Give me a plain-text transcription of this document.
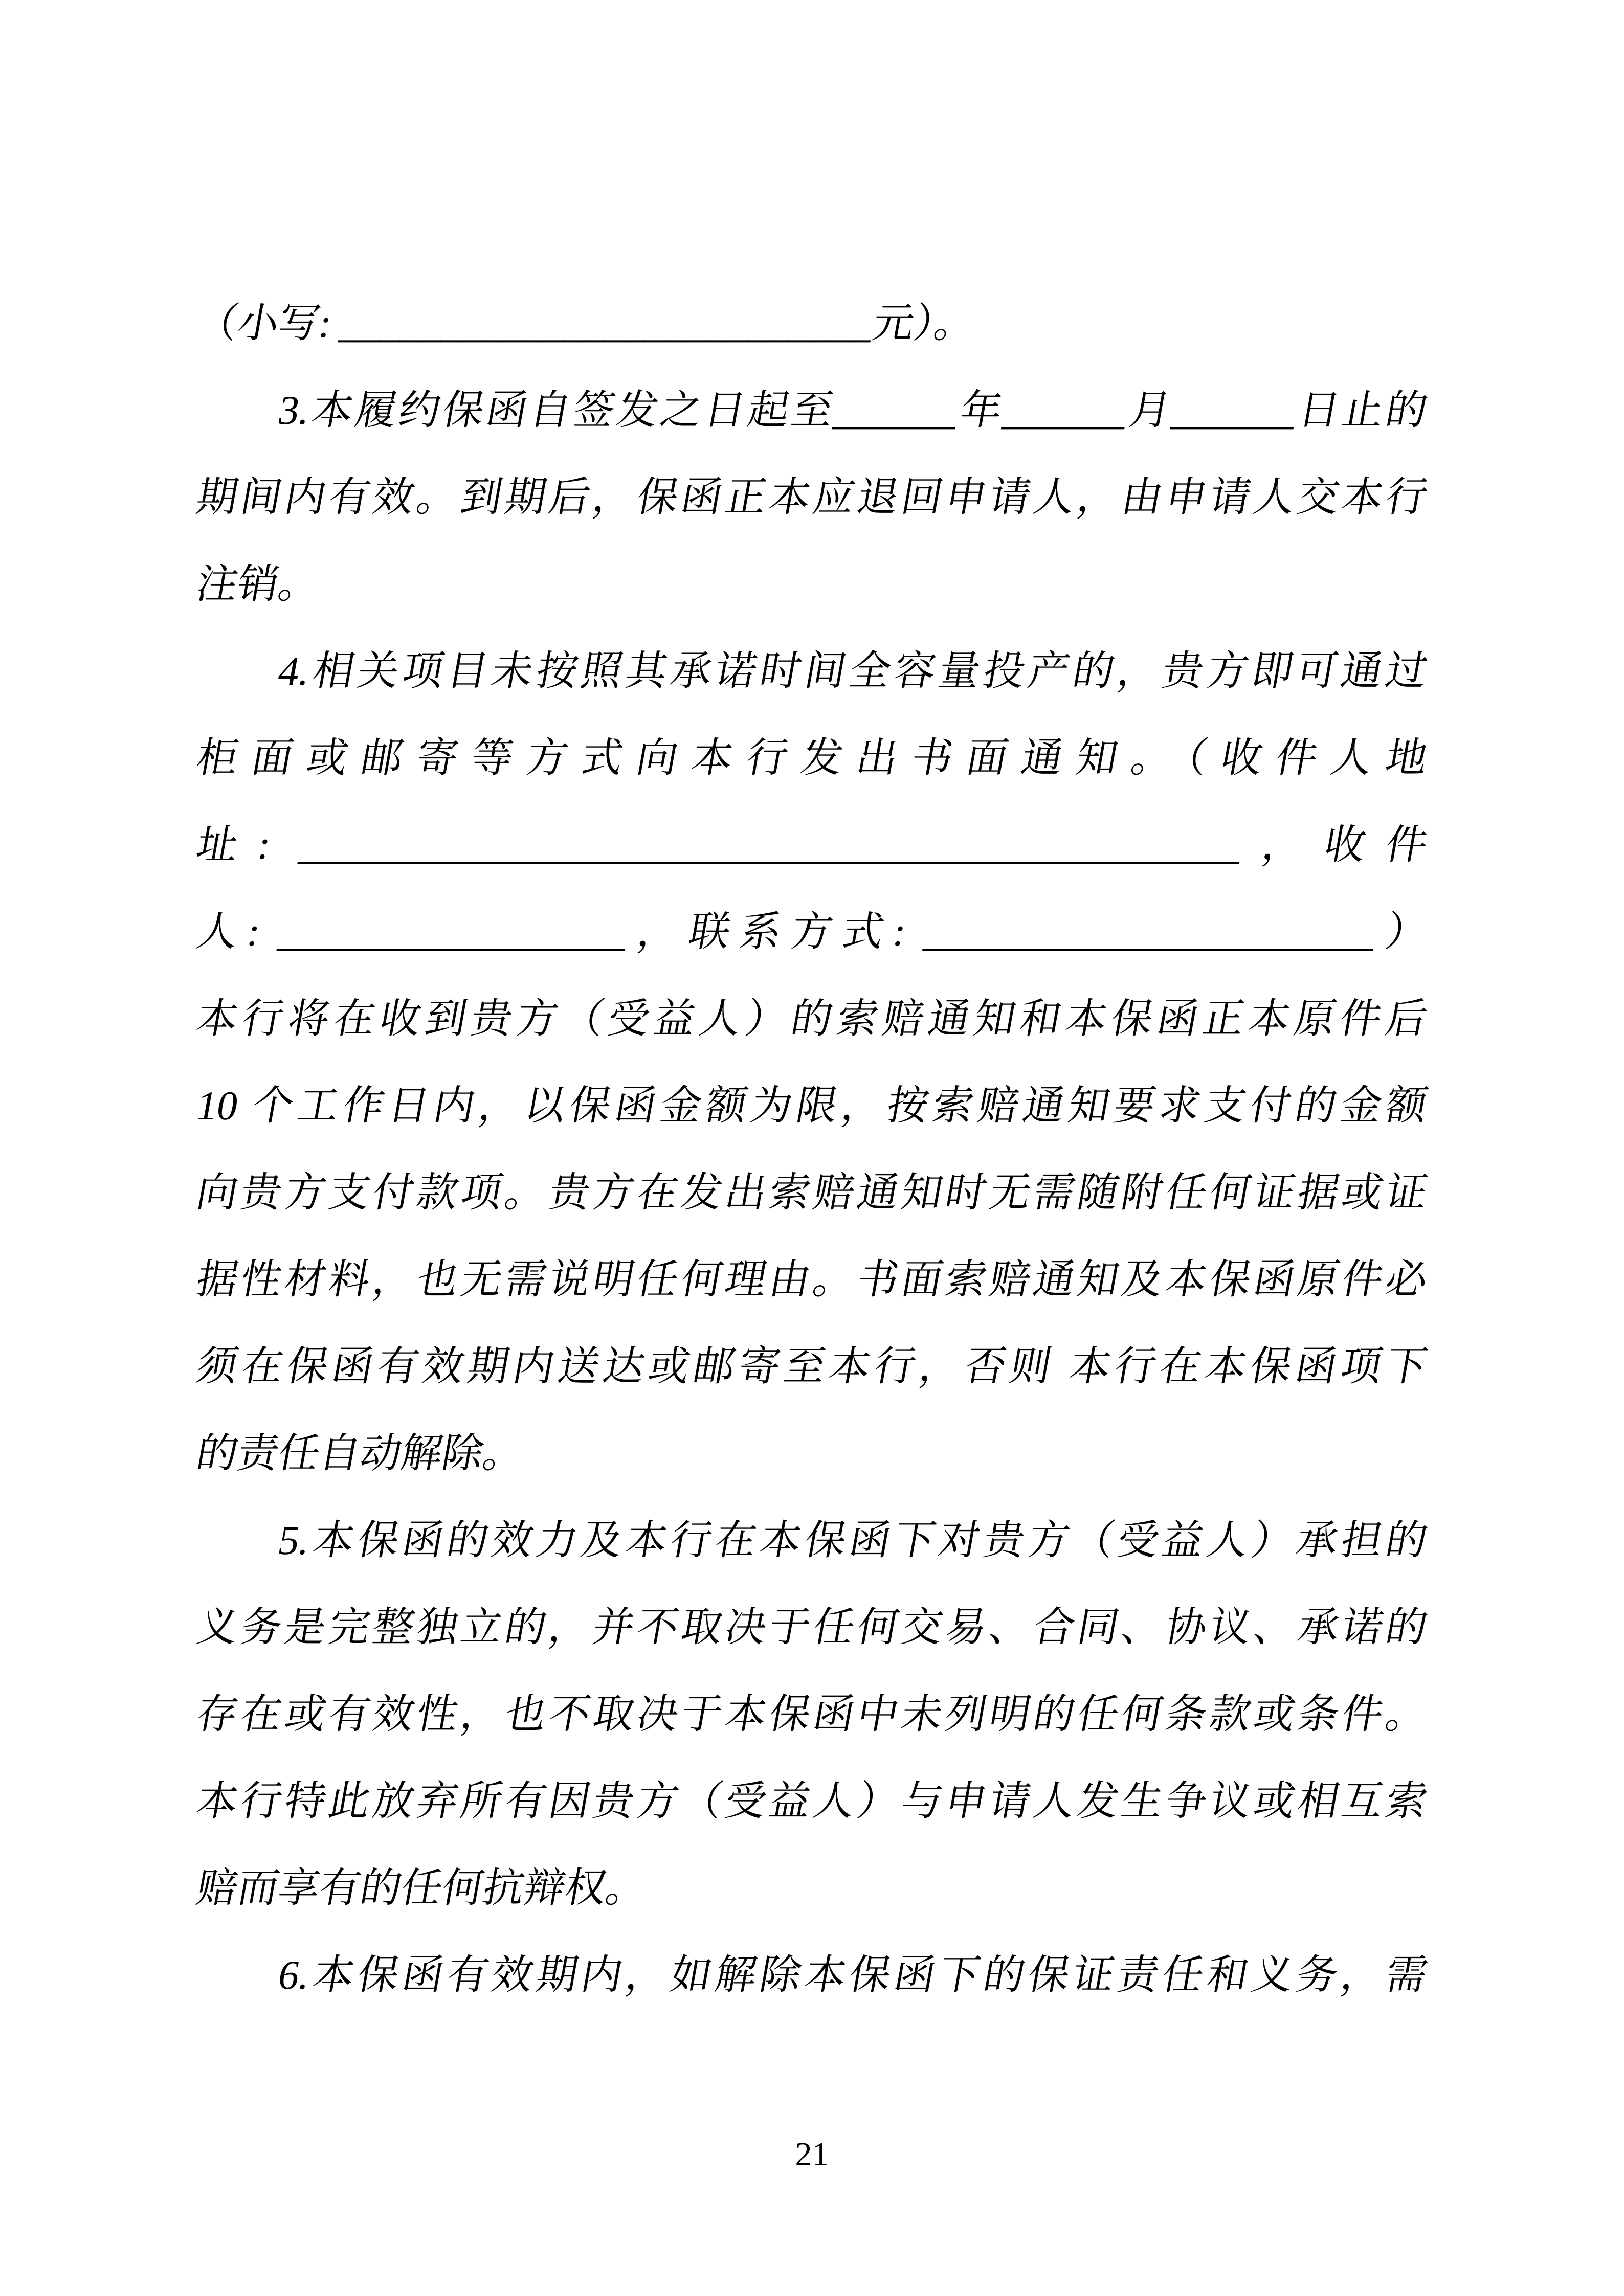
（小写: __________________________元）。
3.本履约保函自签发之日起至______年______月______日止的
期间内有效。到期后，保函正本应退回申请人，由申请人交本行
注销。
4.相关项目未按照其承诺时间全容量投产的，贵方即可通过
柜面或邮寄等方式向本行发出书面通知。（收件人地
址: ______________________________________________，收件
人: _________________，联系方式: ______________________）
本行将在收到贵方（受益人）的索赔通知和本保函正本原件后
10 个工作日内，以保函金额为限，按索赔通知要求支付的金额
向贵方支付款项。贵方在发出索赔通知时无需随附任何证据或证
据性材料，也无需说明任何理由。书面索赔通知及本保函原件必
须在保函有效期内送达或邮寄至本行，否则 本行在本保函项下
的责任自动解除。
5.本保函的效力及本行在本保函下对贵方（受益人）承担的
义务是完整独立的，并不取决于任何交易、合同、协议、承诺的
存在或有效性，也不取决于本保函中未列明的任何条款或条件。
本行特此放弃所有因贵方（受益人）与申请人发生争议或相互索
赔而享有的任何抗辩权。
6.本保函有效期内，如解除本保函下的保证责任和义务，需
21
